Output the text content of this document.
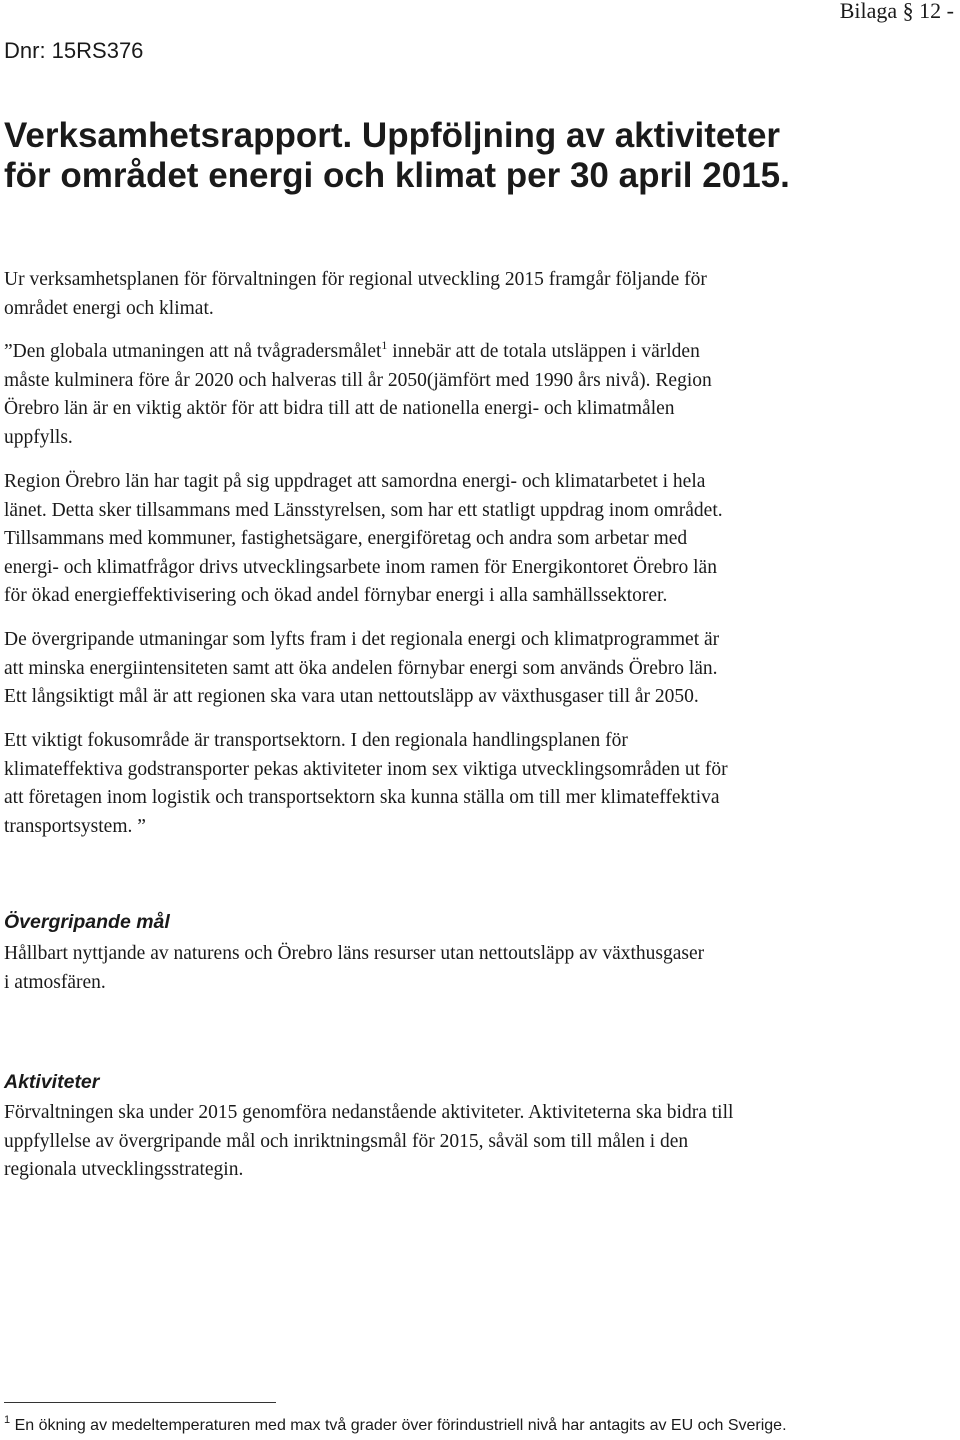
Dnr: 15RS376
Bilaga § 12 -
Verksamhetsrapport. Uppföljning av aktiviteter
för området energi och klimat per 30 april 2015.

Ur verksamhetsplanen för förvaltningen för regional utveckling 2015 framgår följande för
området energi och klimat.

”Den globala utmaningen att nå tvågradersmålet$^1$ innebär att de totala utsläppen i världen
måste kulminera före år 2020 och halveras till år 2050(jämfört med 1990 års nivå). Region
Örebro län är en viktig aktör för att bidra till att de nationella energi- och klimatmålen
uppfylls.

Region Örebro län har tagit på sig uppdraget att samordna energi- och klimatarbetet i hela
länet. Detta sker tillsammans med Länsstyrelsen, som har ett statligt uppdrag inom området.
Tillsammans med kommuner, fastighetsägare, energiföretag och andra som arbetar med
energi- och klimatfrågor drivs utvecklingsarbete inom ramen för Energikontoret Örebro län
för ökad energieffektivisering och ökad andel förnybar energi i alla samhällssektorer.

De övergripande utmaningar som lyfts fram i det regionala energi och klimatprogrammet är
att minska energiintensiteten samt att öka andelen förnybar energi som används Örebro län.
Ett långsiktigt mål är att regionen ska vara utan nettoutsläpp av växthusgaser till år 2050.

Ett viktigt fokusområde är transportsektorn. I den regionala handlingsplanen för
klimateffektiva godstransporter pekas aktiviteter inom sex viktiga utvecklingsområden ut för
att företagen inom logistik och transportsektorn ska kunna ställa om till mer klimateffektiva
transportsystem. ”

Övergripande mål

Hållbart nyttjande av naturens och Örebro läns resurser utan nettoutsläpp av växthusgaser
i atmosfären.

Aktiviteter

Förvaltningen ska under 2015 genomföra nedanstående aktiviteter. Aktiviteterna ska bidra till
uppfyllelse av övergripande mål och inriktningsmål för 2015, såväl som till målen i den
regionala utvecklingsstrategin.

$^1$ En ökning av medeltemperaturen med max två grader över förindustriell nivå har antagits av EU och Sverige.
